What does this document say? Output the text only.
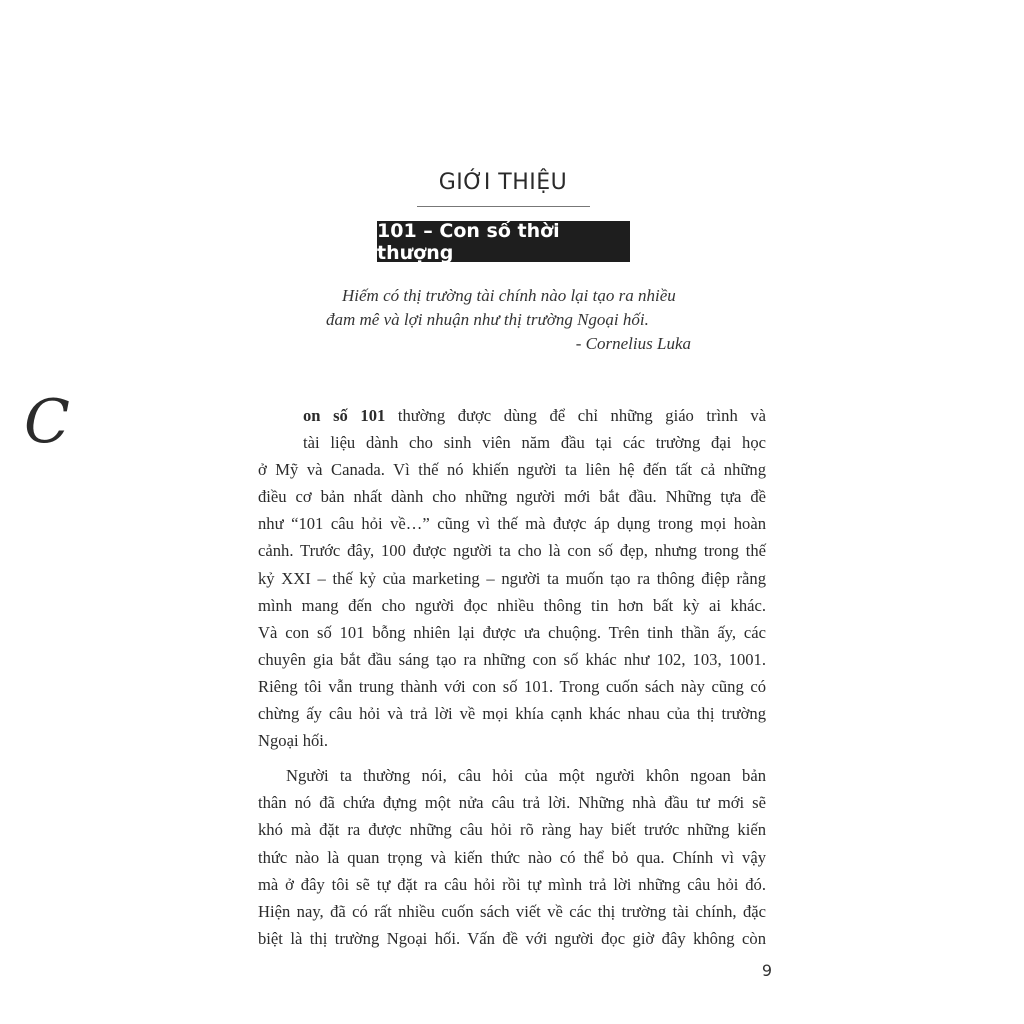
GIỚI THIỆU
101 – Con số thời thượng
Hiếm có thị trường tài chính nào lại tạo ra nhiều
đam mê và lợi nhuận như thị trường Ngoại hối.
- Cornelius Luka
C	on số 101 thường được dùng để chỉ những giáo trình và
tài liệu dành cho sinh viên năm đầu tại các trường đại học
ở Mỹ và Canada. Vì thế nó khiến người ta liên hệ đến tất cả những
điều cơ bản nhất dành cho những người mới bắt đầu. Những tựa đề
như “101 câu hỏi về…” cũng vì thế mà được áp dụng trong mọi hoàn
cảnh. Trước đây, 100 được người ta cho là con số đẹp, nhưng trong thế
kỷ XXI – thế kỷ của marketing – người ta muốn tạo ra thông điệp rằng
mình mang đến cho người đọc nhiều thông tin hơn bất kỳ ai khác.
Và con số 101 bỗng nhiên lại được ưa chuộng. Trên tinh thần ấy, các
chuyên gia bắt đầu sáng tạo ra những con số khác như 102, 103, 1001.
Riêng tôi vẫn trung thành với con số 101. Trong cuốn sách này cũng có
chừng ấy câu hỏi và trả lời về mọi khía cạnh khác nhau của thị trường
Ngoại hối.
Người ta thường nói, câu hỏi của một người khôn ngoan bản
thân nó đã chứa đựng một nửa câu trả lời. Những nhà đầu tư mới sẽ
khó mà đặt ra được những câu hỏi rõ ràng hay biết trước những kiến
thức nào là quan trọng và kiến thức nào có thể bỏ qua. Chính vì vậy
mà ở đây tôi sẽ tự đặt ra câu hỏi rồi tự mình trả lời những câu hỏi đó.
Hiện nay, đã có rất nhiều cuốn sách viết về các thị trường tài chính, đặc
biệt là thị trường Ngoại hối. Vấn đề với người đọc giờ đây không còn
9
